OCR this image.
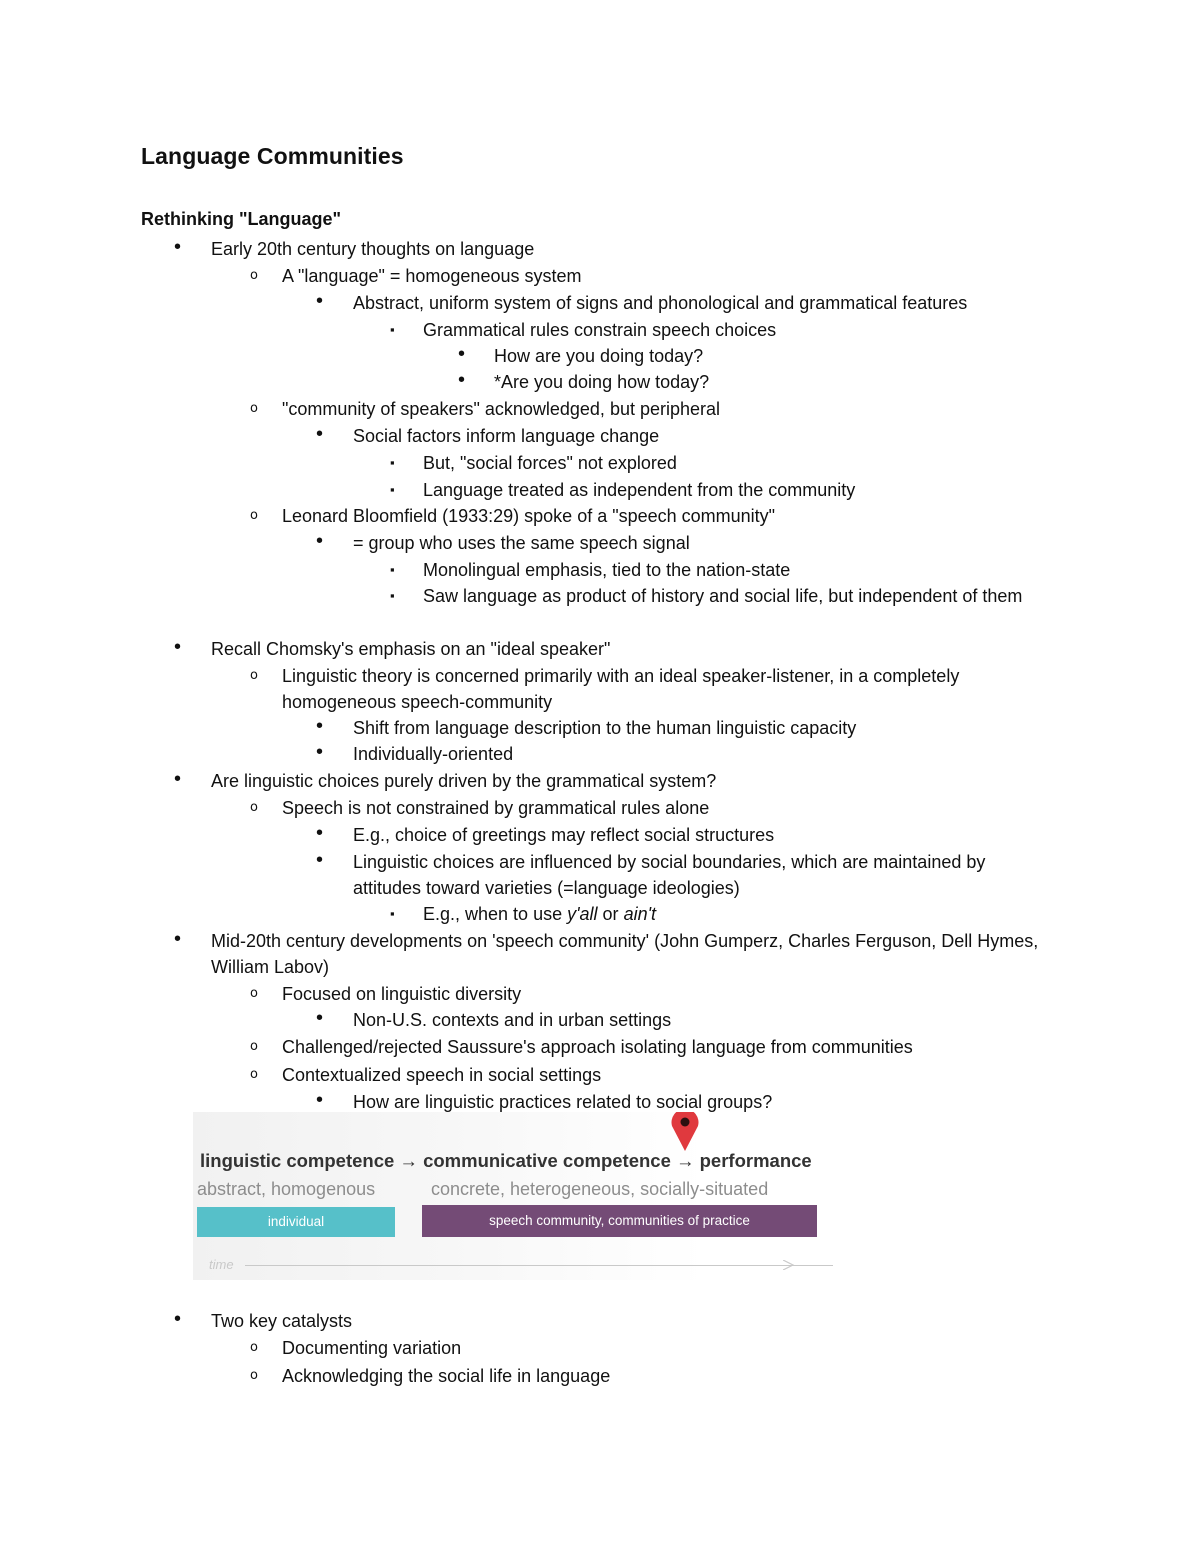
Language Communities
Rethinking "Language"
• Early 20th century thoughts on language
o A "language" = homogeneous system
• Abstract, uniform system of signs and phonological and grammatical features
▪ Grammatical rules constrain speech choices
• How are you doing today?
• *Are you doing how today?
o "community of speakers" acknowledged, but peripheral
• Social factors inform language change
▪ But, "social forces" not explored
▪ Language treated as independent from the community
o Leonard Bloomfield (1933:29) spoke of a "speech community"
• = group who uses the same speech signal
▪ Monolingual emphasis, tied to the nation-state
▪ Saw language as product of history and social life, but independent of them
• Recall Chomsky's emphasis on an "ideal speaker"
o Linguistic theory is concerned primarily with an ideal speaker-listener, in a completely homogeneous speech-community
• Shift from language description to the human linguistic capacity
• Individually-oriented
• Are linguistic choices purely driven by the grammatical system?
o Speech is not constrained by grammatical rules alone
• E.g., choice of greetings may reflect social structures
• Linguistic choices are influenced by social boundaries, which are maintained by attitudes toward varieties (=language ideologies)
▪ E.g., when to use y'all or ain't
• Mid-20th century developments on 'speech community' (John Gumperz, Charles Ferguson, Dell Hymes, William Labov)
o Focused on linguistic diversity
• Non-U.S. contexts and in urban settings
o Challenged/rejected Saussure's approach isolating language from communities
o Contextualized speech in social settings
• How are linguistic practices related to social groups?
linguistic competence → communicative competence → performance
abstract, homogenous	concrete, heterogeneous, socially-situated
individual	speech community, communities of practice
time
• Two key catalysts
o Documenting variation
o Acknowledging the social life in language
